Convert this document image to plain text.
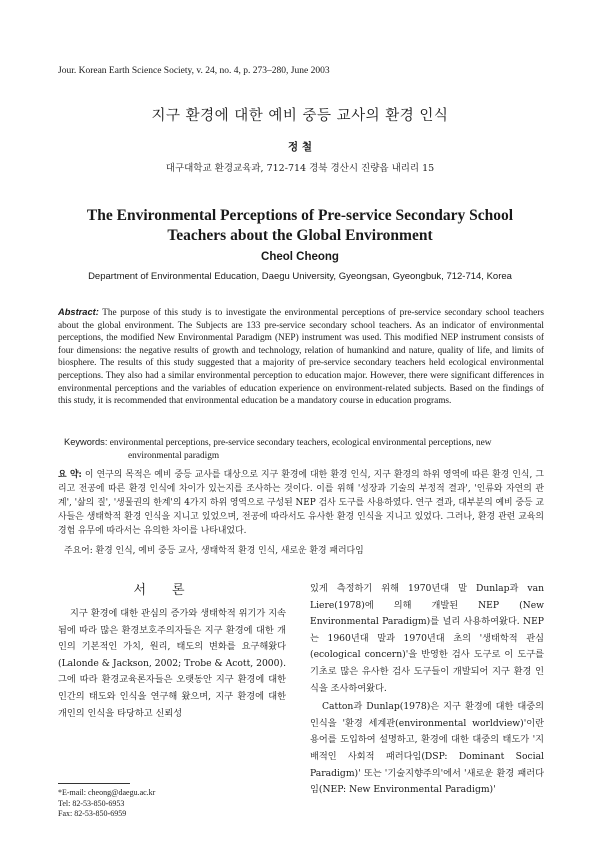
Jour. Korean Earth Science Society, v. 24, no. 4, p. 273–280, June 2003
지구 환경에 대한 예비 중등 교사의 환경 인식
정 철
대구대학교 환경교육과, 712-714 경북 경산시 진량읍 내리리 15
The Environmental Perceptions of Pre-service Secondary School
Teachers about the Global Environment
Cheol Cheong
Department of Environmental Education, Daegu University, Gyeongsan, Gyeongbuk, 712-714, Korea
Abstract: The purpose of this study is to investigate the environmental perceptions of pre-service secondary school teachers about the global environment. The Subjects are 133 pre-service secondary school teachers. As an indicator of environmental perceptions, the modified New Environmental Paradigm (NEP) instrument was used. This modified NEP instrument consists of four dimensions: the negative results of growth and technology, relation of humankind and nature, quality of life, and limits of biosphere. The results of this study suggested that a majority of pre-service secondary teachers held ecological environmental perceptions. They also had a similar environmental perception to education major. However, there were significant differences in environmental perceptions and the variables of education experience on environment-related subjects. Based on the findings of this study, it is recommended that environmental education be a mandatory course in education programs.
Keywords: environmental perceptions, pre-service secondary teachers, ecological environmental perceptions, new
environmental paradigm
요 약: 이 연구의 목적은 예비 중등 교사를 대상으로 지구 환경에 대한 환경 인식, 지구 환경의 하위 영역에 따른 환경 인식, 그리고 전공에 따른 환경 인식에 차이가 있는지를 조사하는 것이다. 이를 위해 '성장과 기술의 부정적 결과', '인류와 자연의 관계', '삶의 질', '생물권의 한계'의 4가지 하위 영역으로 구성된 NEP 검사 도구를 사용하였다. 연구 결과, 대부분의 예비 중등 교사들은 생태학적 환경 인식을 지니고 있었으며, 전공에 따라서도 유사한 환경 인식을 지니고 있었다. 그러나, 환경 관련 교육의 경험 유무에 따라서는 유의한 차이를 나타내었다.
주요어: 환경 인식, 예비 중등 교사, 생태학적 환경 인식, 새로운 환경 패러다임
서론

지구 환경에 대한 관심의 증가와 생태학적 위기가 지속됨에 따라 많은 환경보호주의자들은 지구 환경에 대한 개인의 기본적인 가치, 원리, 태도의 변화를 요구해왔다(Lalonde & Jackson, 2002; Trobe & Acott, 2000). 그에 따라 환경교육론자들은 오랫동안 지구 환경에 대한 인간의 태도와 인식을 연구해 왔으며, 지구 환경에 대한 개인의 인식을 타당하고 신뢰성

있게 측정하기 위해 1970년대 말 Dunlap과 van Liere(1978)에 의해 개발된 NEP (New Environmental Paradigm)를 널리 사용하여왔다. NEP는 1960년대 말과 1970년대 초의 '생태학적 관심(ecological concern)'을 반영한 검사 도구로 이 도구를 기초로 많은 유사한 검사 도구들이 개발되어 지구 환경 인식을 조사하여왔다.

Catton과 Dunlap(1978)은 지구 환경에 대한 대중의 인식을 '환경 세계관(environmental worldview)'이란 용어를 도입하여 설명하고, 환경에 대한 대중의 태도가 '지배적인 사회적 패러다임(DSP: Dominant Social Paradigm)' 또는 '기술지향주의'에서 '새로운 환경 패러다임(NEP: New Environmental Paradigm)'

*E-mail: cheong@daegu.ac.kr
Tel: 82-53-850-6953
Fax: 82-53-850-6959
